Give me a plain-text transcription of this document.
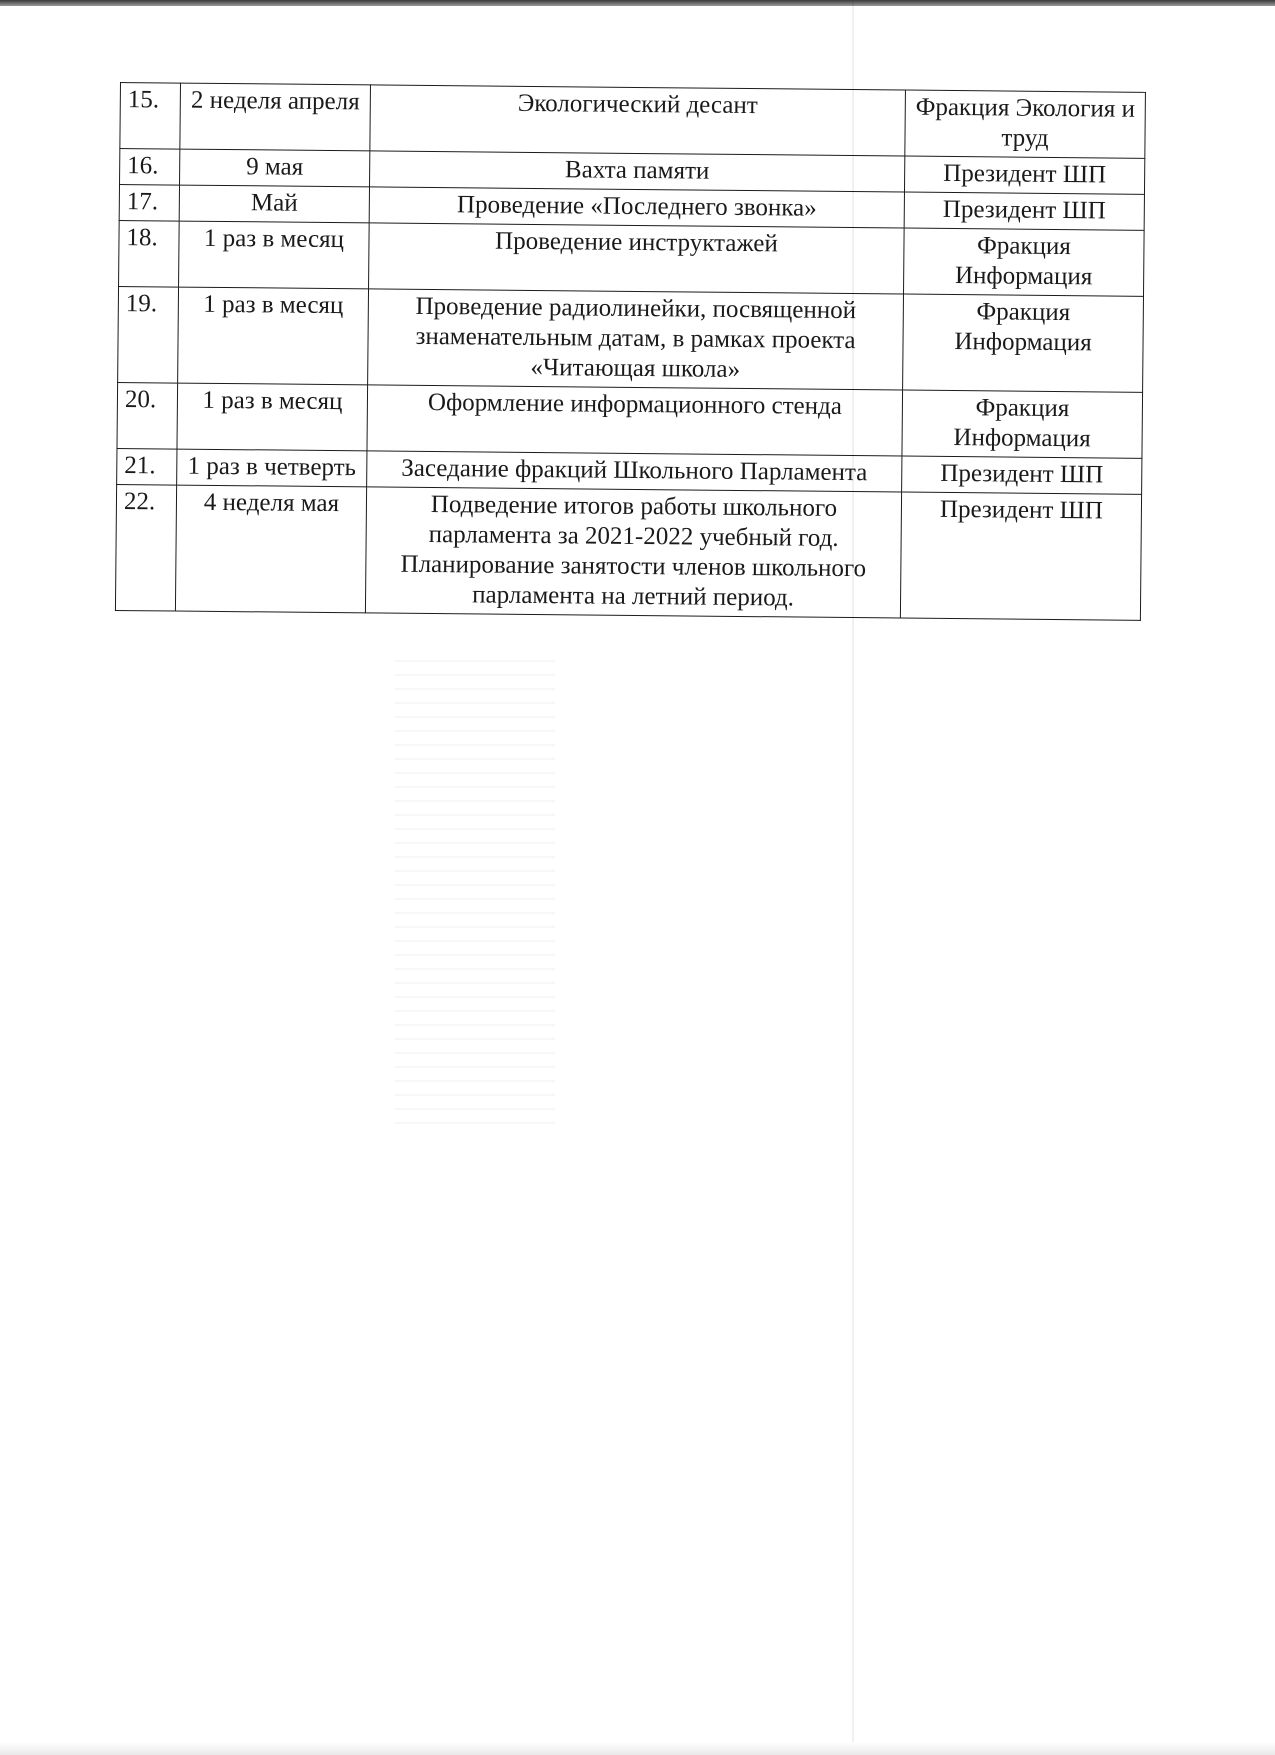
15.	2 неделя апреля	Экологический десант	Фракция Экология и труд
16.	9 мая	Вахта памяти	Президент ШП
17.	Май	Проведение «Последнего звонка»	Президент ШП
18.	1 раз в месяц	Проведение инструктажей	Фракция Информация
19.	1 раз в месяц	Проведение радиолинейки, посвященной знаменательным датам, в рамках проекта «Читающая школа»	Фракция Информация
20.	1 раз в месяц	Оформление информационного стенда	Фракция Информация
21.	1 раз в четверть	Заседание фракций Школьного Парламента	Президент ШП
22.	4 неделя мая	Подведение итогов работы школьного парламента за 2021-2022 учебный год. Планирование занятости членов школьного парламента на летний период.	Президент ШП
